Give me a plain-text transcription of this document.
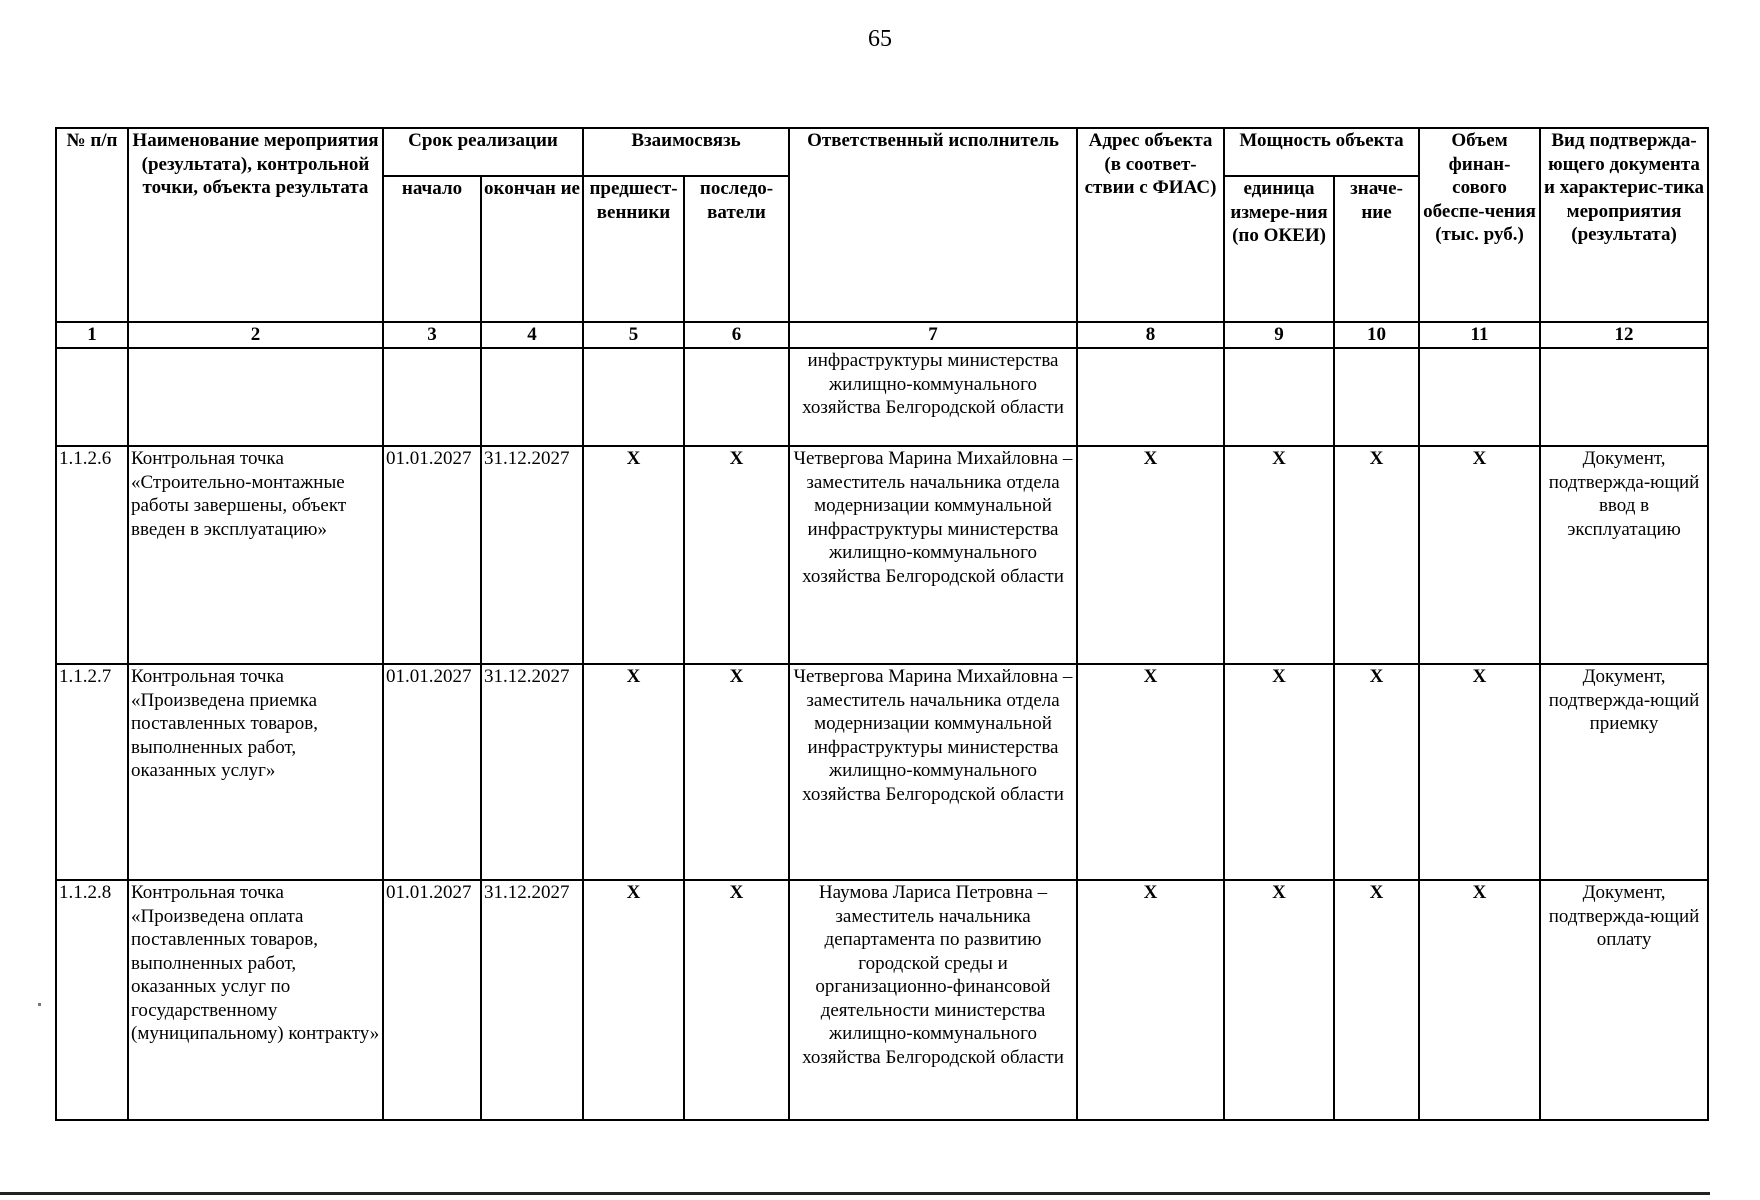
65
№ п/п	Наименование мероприятия (результата), контрольной точки, объекта результата	Срок реализации		Взаимосвязь		Ответственный исполнитель	Адрес объекта (в соответ-ствии с ФИАС)	Мощность объекта		Объем финан-сового обеспе-чения (тыс. руб.)	Вид подтвержда-ющего документа и характерис-тика мероприятия (результата)
		начало	окончан ие	предшест-венники	последо-ватели			единица измере-ния (по ОКЕИ)	значе-ние		
1	2	3	4	5	6	7	8	9	10	11	12
						инфраструктуры министерства жилищно-коммунального хозяйства Белгородской области					
1.1.2.6	Контрольная точка «Строительно-монтажные работы завершены, объект введен в эксплуатацию»	01.01.2027	31.12.2027	Х	Х	Четвергова Марина Михайловна – заместитель начальника отдела модернизации коммунальной инфраструктуры министерства жилищно-коммунального хозяйства Белгородской области	Х	Х	Х	Х	Документ, подтвержда-ющий ввод в эксплуатацию
1.1.2.7	Контрольная точка «Произведена приемка поставленных товаров, выполненных работ, оказанных услуг»	01.01.2027	31.12.2027	Х	Х	Четвергова Марина Михайловна – заместитель начальника отдела модернизации коммунальной инфраструктуры министерства жилищно-коммунального хозяйства Белгородской области	Х	Х	Х	Х	Документ, подтвержда-ющий приемку
1.1.2.8	Контрольная точка «Произведена оплата поставленных товаров, выполненных работ, оказанных услуг по государственному (муниципальному) контракту»	01.01.2027	31.12.2027	Х	Х	Наумова Лариса Петровна – заместитель начальника департамента по развитию городской среды и организационно-финансовой деятельности министерства жилищно-коммунального хозяйства Белгородской области	Х	Х	Х	Х	Документ, подтвержда-ющий оплату
